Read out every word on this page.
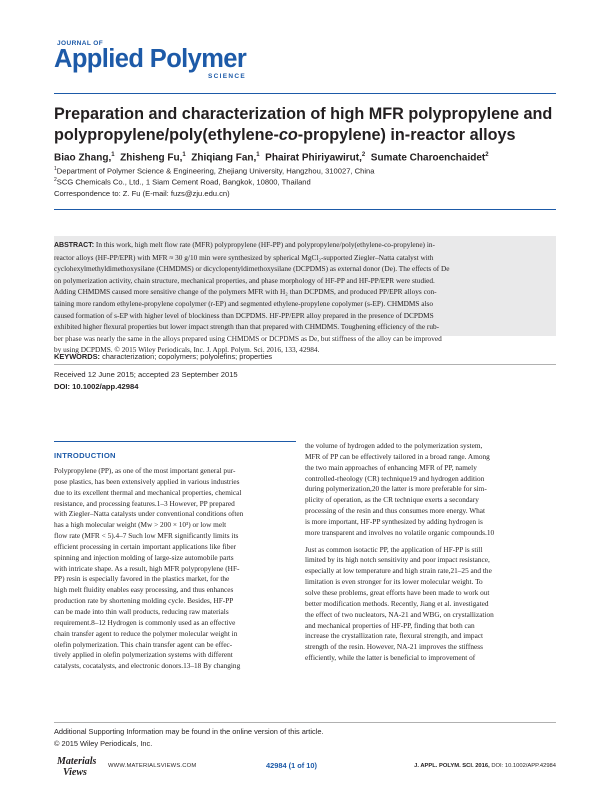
JOURNAL OF
Applied Polymer
SCIENCE
Preparation and characterization of high MFR polypropylene and
polypropylene/poly(ethylene-co-propylene) in-reactor alloys
Biao Zhang,$^1$ Zhisheng Fu,$^1$ Zhiqiang Fan,$^1$ Phairat Phiriyawirut,$^2$ Sumate Charoenchaidet$^2$
$^1$Department of Polymer Science & Engineering, Zhejiang University, Hangzhou, 310027, China
$^2$SCG Chemicals Co., Ltd., 1 Siam Cement Road, Bangkok, 10800, Thailand
Correspondence to: Z. Fu (E-mail: fuzs@zju.edu.cn)
ABSTRACT: In this work, high melt flow rate (MFR) polypropylene (HF-PP) and polypropylene/poly(ethylene-co-propylene) in-
reactor alloys (HF-PP/EPR) with MFR ≈ 30 g/10 min were synthesized by spherical MgCl₂-supported Ziegler–Natta catalyst with
cyclohexylmethyldimethoxysilane (CHMDMS) or dicyclopentyldimethoxysilane (DCPDMS) as external donor (De). The effects of De
on polymerization activity, chain structure, mechanical properties, and phase morphology of HF-PP and HF-PP/EPR were studied.
Adding CHMDMS caused more sensitive change of the polymers MFR with H₂ than DCPDMS, and produced PP/EPR alloys con-
taining more random ethylene-propylene copolymer (r-EP) and segmented ethylene-propylene copolymer (s-EP). CHMDMS also
caused formation of s-EP with higher level of blockiness than DCPDMS. HF-PP/EPR alloy prepared in the presence of DCPDMS
exhibited higher flexural properties but lower impact strength than that prepared with CHMDMS. Toughening efficiency of the rub-
ber phase was nearly the same in the alloys prepared using CHMDMS or DCPDMS as De, but stiffness of the alloy can be improved
by using DCPDMS. © 2015 Wiley Periodicals, Inc. J. Appl. Polym. Sci. 2016, 133, 42984.
KEYWORDS: characterization; copolymers; polyolefins; properties
Received 12 June 2015; accepted 23 September 2015
DOI: 10.1002/app.42984
INTRODUCTION
Polypropylene (PP), as one of the most important general pur-
pose plastics, has been extensively applied in various industries
due to its excellent thermal and mechanical properties, chemical
resistance, and processing features.1–3 However, PP prepared
with Ziegler–Natta catalysts under conventional conditions often
has a high molecular weight (Mw > 200 × 10³) or low melt
flow rate (MFR < 5).4–7 Such low MFR significantly limits its
efficient processing in certain important applications like fiber
spinning and injection molding of large-size automobile parts
with intricate shape. As a result, high MFR polypropylene (HF-
PP) resin is especially favored in the plastics market, for the
high melt fluidity enables easy processing, and thus enhances
production rate by shortening molding cycle. Besides, HF-PP
can be made into thin wall products, reducing raw materials
requirement.8–12 Hydrogen is commonly used as an effective
chain transfer agent to reduce the polymer molecular weight in
olefin polymerization. This chain transfer agent can be effec-
tively applied in olefin polymerization systems with different
catalysts, cocatalysts, and electronic donors.13–18 By changing
the volume of hydrogen added to the polymerization system,
MFR of PP can be effectively tailored in a broad range. Among
the two main approaches of enhancing MFR of PP, namely
controlled-rheology (CR) technique19 and hydrogen addition
during polymerization,20 the latter is more preferable for sim-
plicity of operation, as the CR technique exerts a secondary
processing of the resin and thus consumes more energy. What
is more important, HF-PP synthesized by adding hydrogen is
more transparent and involves no volatile organic compounds.10
Just as common isotactic PP, the application of HF-PP is still
limited by its high notch sensitivity and poor impact resistance,
especially at low temperature and high strain rate,21–25 and the
limitation is even stronger for its lower molecular weight. To
solve these problems, great efforts have been made to work out
better modification methods. Recently, Jiang et al. investigated
the effect of two nucleators, NA-21 and WBG, on crystallization
and mechanical properties of HF-PP, finding that both can
increase the crystallization rate, flexural strength, and impact
strength of the resin. However, NA-21 improves the stiffness
efficiently, while the latter is beneficial to improvement of
Additional Supporting Information may be found in the online version of this article.
© 2015 Wiley Periodicals, Inc.
Materials
Views
WWW.MATERIALSVIEWS.COM	42984 (1 of 10)	J. APPL. POLYM. SCI. 2016, DOI: 10.1002/APP.42984
